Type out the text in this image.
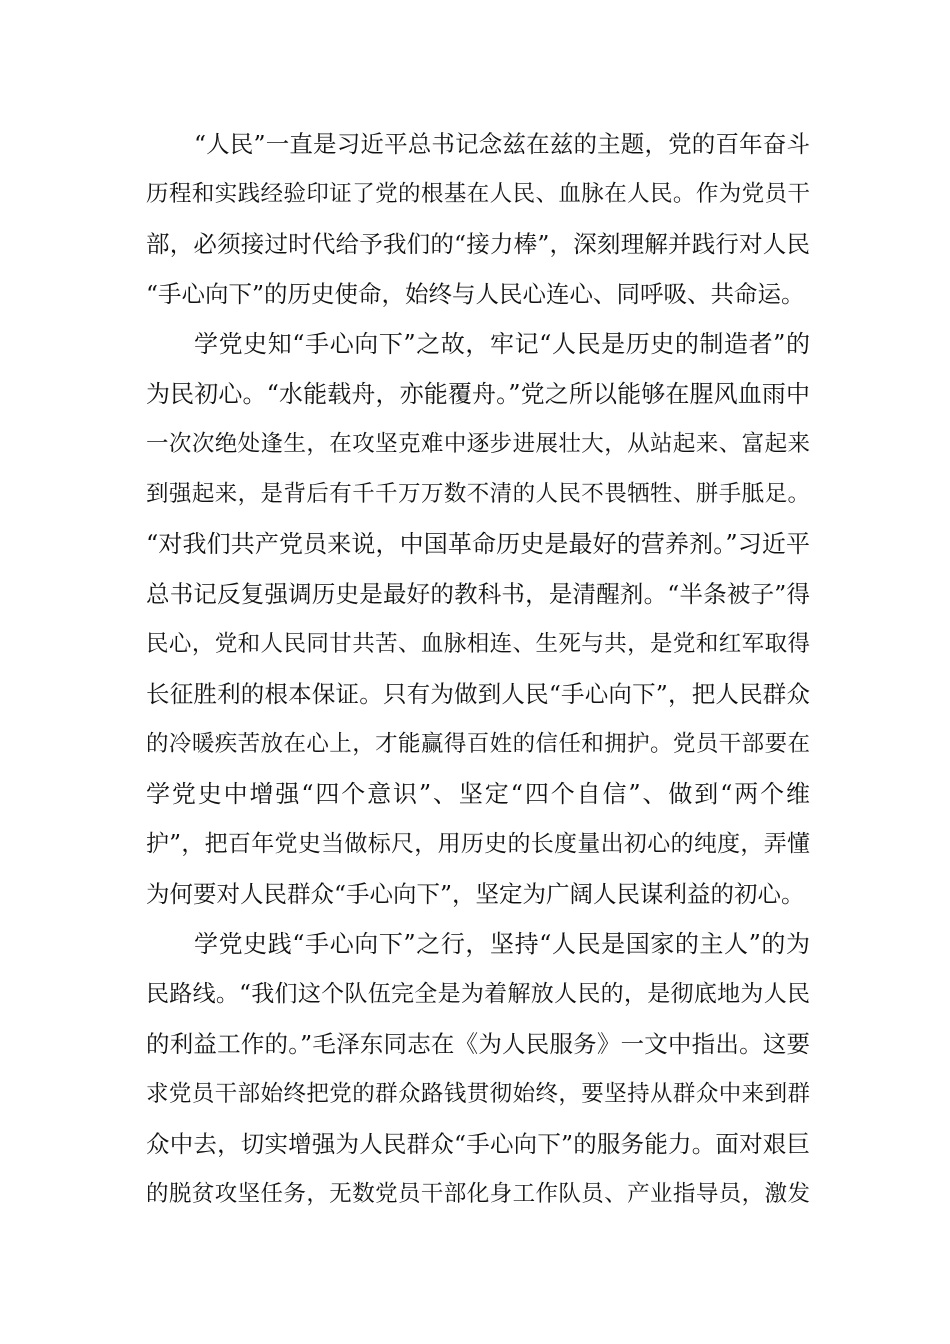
“人民”一直是习近平总书记念兹在兹的主题，党的百年奋斗
历程和实践经验印证了党的根基在人民、血脉在人民。作为党员干
部，必须接过时代给予我们的“接力棒”，深刻理解并践行对人民
“手心向下”的历史使命，始终与人民心连心、同呼吸、共命运。
学党史知“手心向下”之故，牢记“人民是历史的制造者”的
为民初心。“水能载舟，亦能覆舟。”党之所以能够在腥风血雨中
一次次绝处逢生，在攻坚克难中逐步进展壮大，从站起来、富起来
到强起来，是背后有千千万万数不清的人民不畏牺牲、胼手胝足。
“对我们共产党员来说，中国革命历史是最好的营养剂。”习近平
总书记反复强调历史是最好的教科书，是清醒剂。“半条被子”得
民心，党和人民同甘共苦、血脉相连、生死与共，是党和红军取得
长征胜利的根本保证。只有为做到人民“手心向下”，把人民群众
的冷暖疾苦放在心上，才能赢得百姓的信任和拥护。党员干部要在
学党史中增强“四个意识”、坚定“四个自信”、做到“两个维
护”，把百年党史当做标尺，用历史的长度量出初心的纯度，弄懂
为何要对人民群众“手心向下”，坚定为广阔人民谋利益的初心。
学党史践“手心向下”之行，坚持“人民是国家的主人”的为
民路线。“我们这个队伍完全是为着解放人民的，是彻底地为人民
的利益工作的。”毛泽东同志在《为人民服务》一文中指出。这要
求党员干部始终把党的群众路钱贯彻始终，要坚持从群众中来到群
众中去，切实增强为人民群众“手心向下”的服务能力。面对艰巨
的脱贫攻坚任务，无数党员干部化身工作队员、产业指导员，激发
